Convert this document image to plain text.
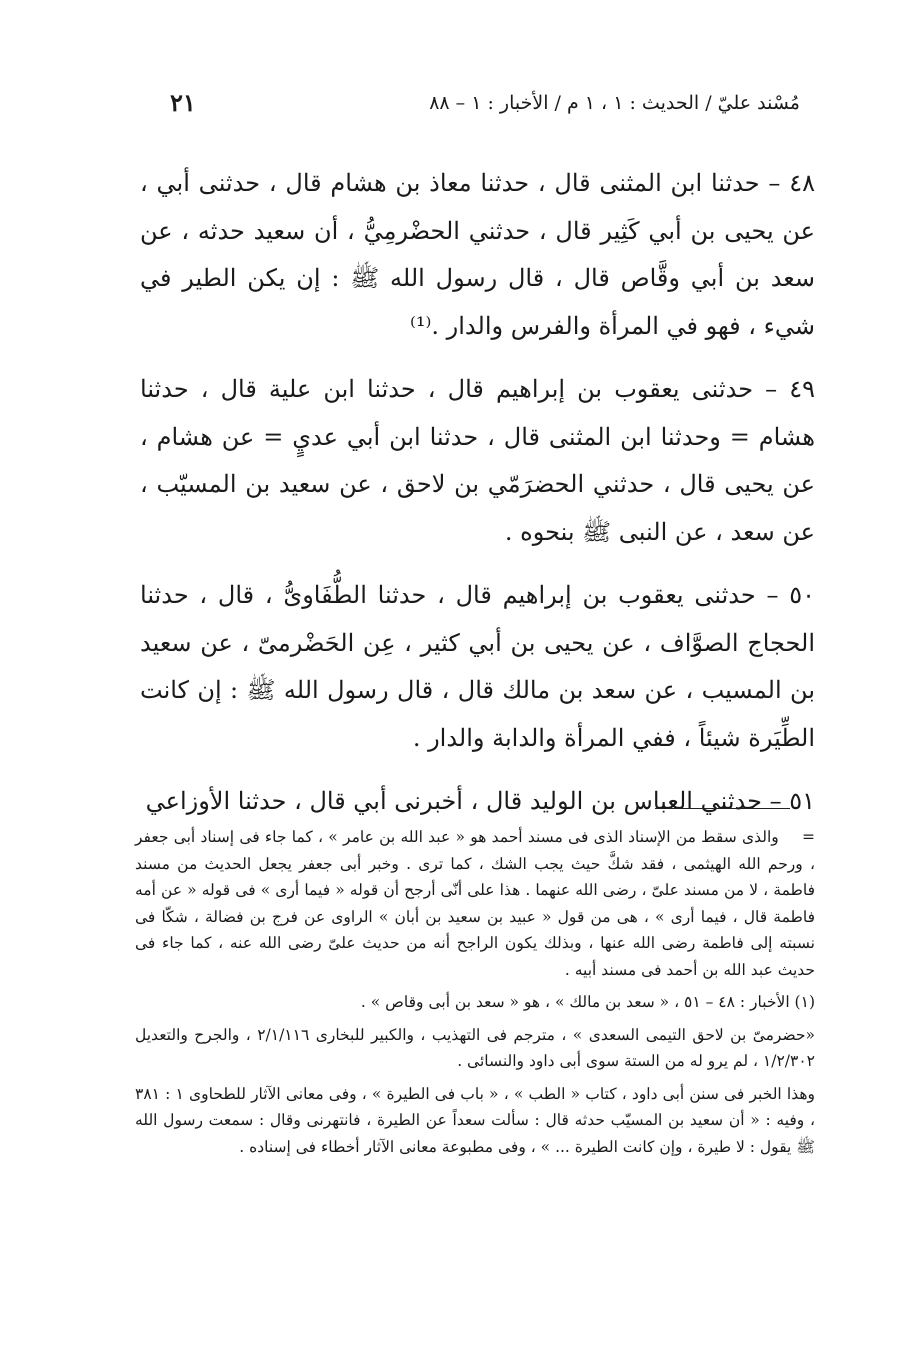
مُسْند عليّ / الحديث : ١ ، ١ م / الأخبار : ١ – ٨٨
٢١

٤٨ – حدثنا ابن المثنى قال ، حدثنا معاذ بن هشام قال ، حدثنى أبي ، عن يحيى بن أبي كَثِير قال ، حدثني الحضْرمِيُّ ، أن سعيد حدثه ، عن سعد بن أبي وقَّاص قال ، قال رسول الله ﷺ : إن يكن الطير في شيء ، فهو في المرأة والفرس والدار .⁽¹⁾

٤٩ – حدثنى يعقوب بن إبراهيم قال ، حدثنا ابن علية قال ، حدثنا هشام = وحدثنا ابن المثنى قال ، حدثنا ابن أبي عديٍ = عن هشام ، عن يحيى قال ، حدثني الحضرَمّي بن لاحق ، عن سعيد بن المسيّب ، عن سعد ، عن النبى ﷺ بنحوه .

٥٠ – حدثنى يعقوب بن إبراهيم قال ، حدثنا الطُّفَاوىُّ ، قال ، حدثنا الحجاج الصوَّاف ، عن يحيى بن أبي كثير ، عِن الحَضْرمىّ ، عن سعيد بن المسيب ، عن سعد بن مالك قال ، قال رسول الله ﷺ : إن كانت الطِّيَرة شيئاً ، ففي المرأة والدابة والدار .

٥١ – حدثني العباس بن الوليد قال ، أخبرنى أبي قال ، حدثنا الأوزاعي

= والذى سقط من الإسناد الذى فى مسند أحمد هو « عبد الله بن عامر » ، كما جاء فى إسناد أبى جعفر ، ورحم الله الهيثمى ، فقد شكَّ حيث يجب الشك ، كما ترى . وخبر أبى جعفر يجعل الحديث من مسند فاطمة ، لا من مسند علىّ ، رضى الله عنهما . هذا على أنّى أرجح أن قوله « فيما أرى » فى قوله « عن أمه فاطمة قال ، فيما أرى » ، هى من قول « عبيد بن سعيد بن أبان » الراوى عن فرج بن فضالة ، شكّا فى نسبته إلى فاطمة رضى الله عنها ، وبذلك يكون الراجح أنه من حديث علىّ رضى الله عنه ، كما جاء فى حديث عبد الله بن أحمد فى مسند أبيه .

(١) الأخبار : ٤٨ – ٥١ ، « سعد بن مالك » ، هو « سعد بن أبى وقاص » .

«حضرمىّ بن لاحق التيمى السعدى » ، مترجم فى التهذيب ، والكبير للبخارى ٢/١/١١٦ ، والجرح والتعديل ١/٢/٣٠٢ ، لم يرو له من الستة سوى أبى داود والنسائى .

وهذا الخبر فى سنن أبى داود ، كتاب « الطب » ، « باب فى الطيرة » ، وفى معانى الآثار للطحاوى ١ : ٣٨١ ، وفيه : « أن سعيد بن المسيّب حدثه قال : سألت سعداً عن الطيرة ، فانتهرنى وقال : سمعت رسول الله ﷺ يقول : لا طيرة ، وإن كانت الطيرة ... » ، وفى مطبوعة معانى الآثار أخطاء فى إسناده .
